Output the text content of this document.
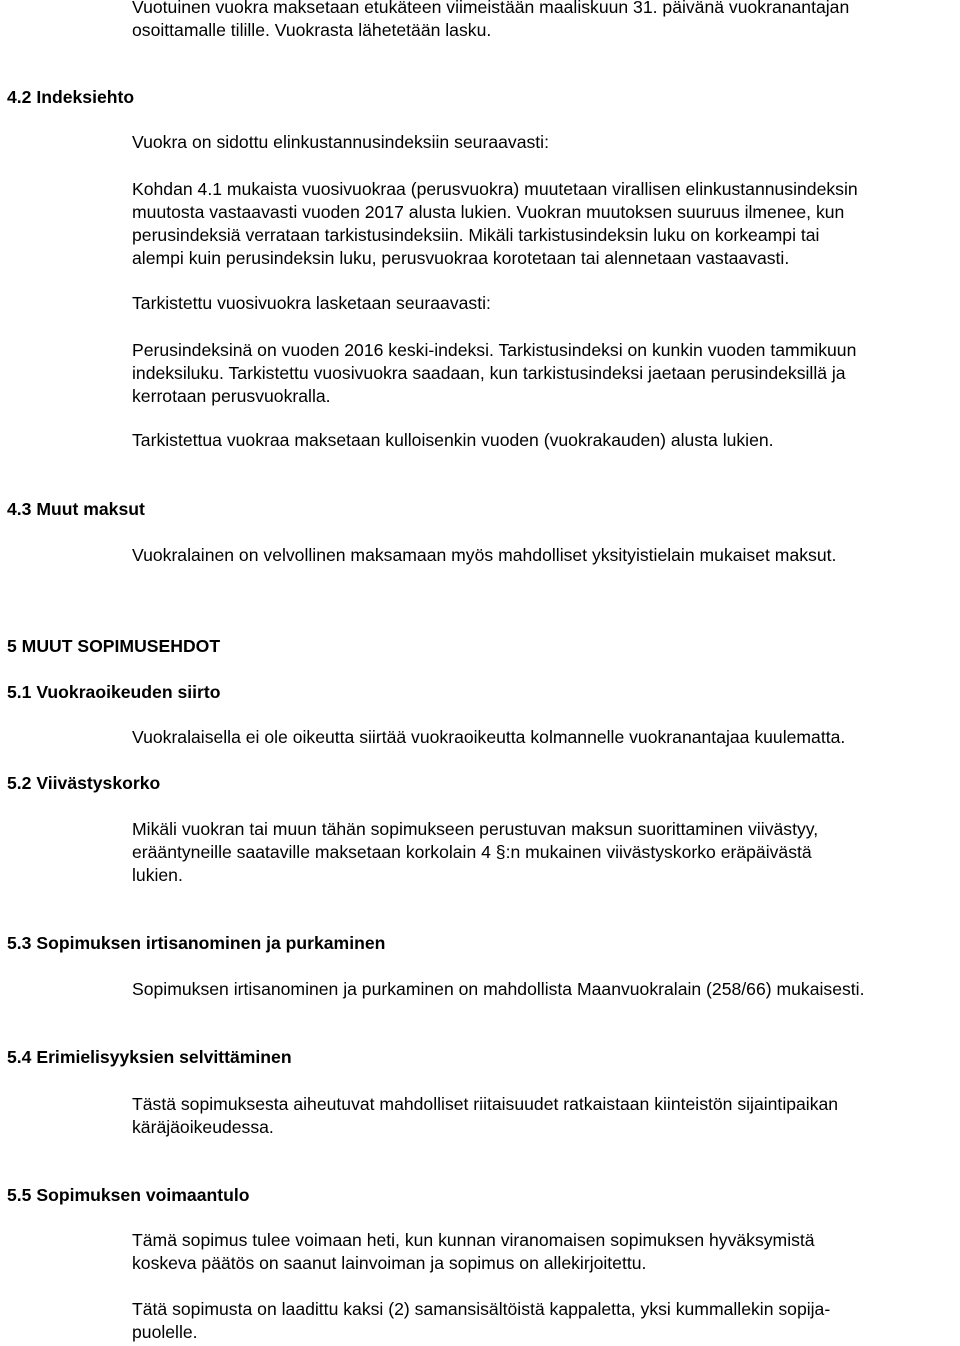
Vuotuinen vuokra maksetaan etukäteen viimeistään maaliskuun 31. päivänä vuokranantajan
osoittamalle tilille. Vuokrasta lähetetään lasku.
4.2 Indeksiehto
Vuokra on sidottu elinkustannusindeksiin seuraavasti:
Kohdan 4.1 mukaista vuosivuokraa (perusvuokra) muutetaan virallisen elinkustannusindeksin
muutosta vastaavasti vuoden 2017 alusta lukien. Vuokran muutoksen suuruus ilmenee, kun
perusindeksiä verrataan tarkistusindeksiin. Mikäli tarkistusindeksin luku on korkeampi tai
alempi kuin perusindeksin luku, perusvuokraa korotetaan tai alennetaan vastaavasti.
Tarkistettu vuosivuokra lasketaan seuraavasti:
Perusindeksinä on vuoden 2016 keski-indeksi. Tarkistusindeksi on kunkin vuoden tammikuun
indeksiluku. Tarkistettu vuosivuokra saadaan, kun tarkistusindeksi jaetaan perusindeksillä ja
kerrotaan perusvuokralla.
Tarkistettua vuokraa maksetaan kulloisenkin vuoden (vuokrakauden) alusta lukien.
4.3 Muut maksut
Vuokralainen on velvollinen maksamaan myös mahdolliset yksityistielain mukaiset maksut.
5 MUUT SOPIMUSEHDOT
5.1 Vuokraoikeuden siirto
Vuokralaisella ei ole oikeutta siirtää vuokraoikeutta kolmannelle vuokranantajaa kuulematta.
5.2 Viivästyskorko
Mikäli vuokran tai muun tähän sopimukseen perustuvan maksun suorittaminen viivästyy,
erääntyneille saataville maksetaan korkolain 4 §:n mukainen viivästyskorko eräpäivästä
lukien.
5.3 Sopimuksen irtisanominen ja purkaminen
Sopimuksen irtisanominen ja purkaminen on mahdollista Maanvuokralain (258/66) mukaisesti.
5.4 Erimielisyyksien selvittäminen
Tästä sopimuksesta aiheutuvat mahdolliset riitaisuudet ratkaistaan kiinteistön sijaintipaikan
käräjäoikeudessa.
5.5 Sopimuksen voimaantulo
Tämä sopimus tulee voimaan heti, kun kunnan viranomaisen sopimuksen hyväksymistä
koskeva päätös on saanut lainvoiman ja sopimus on allekirjoitettu.
Tätä sopimusta on laadittu kaksi (2) samansisältöistä kappaletta, yksi kummallekin sopija-
puolelle.
